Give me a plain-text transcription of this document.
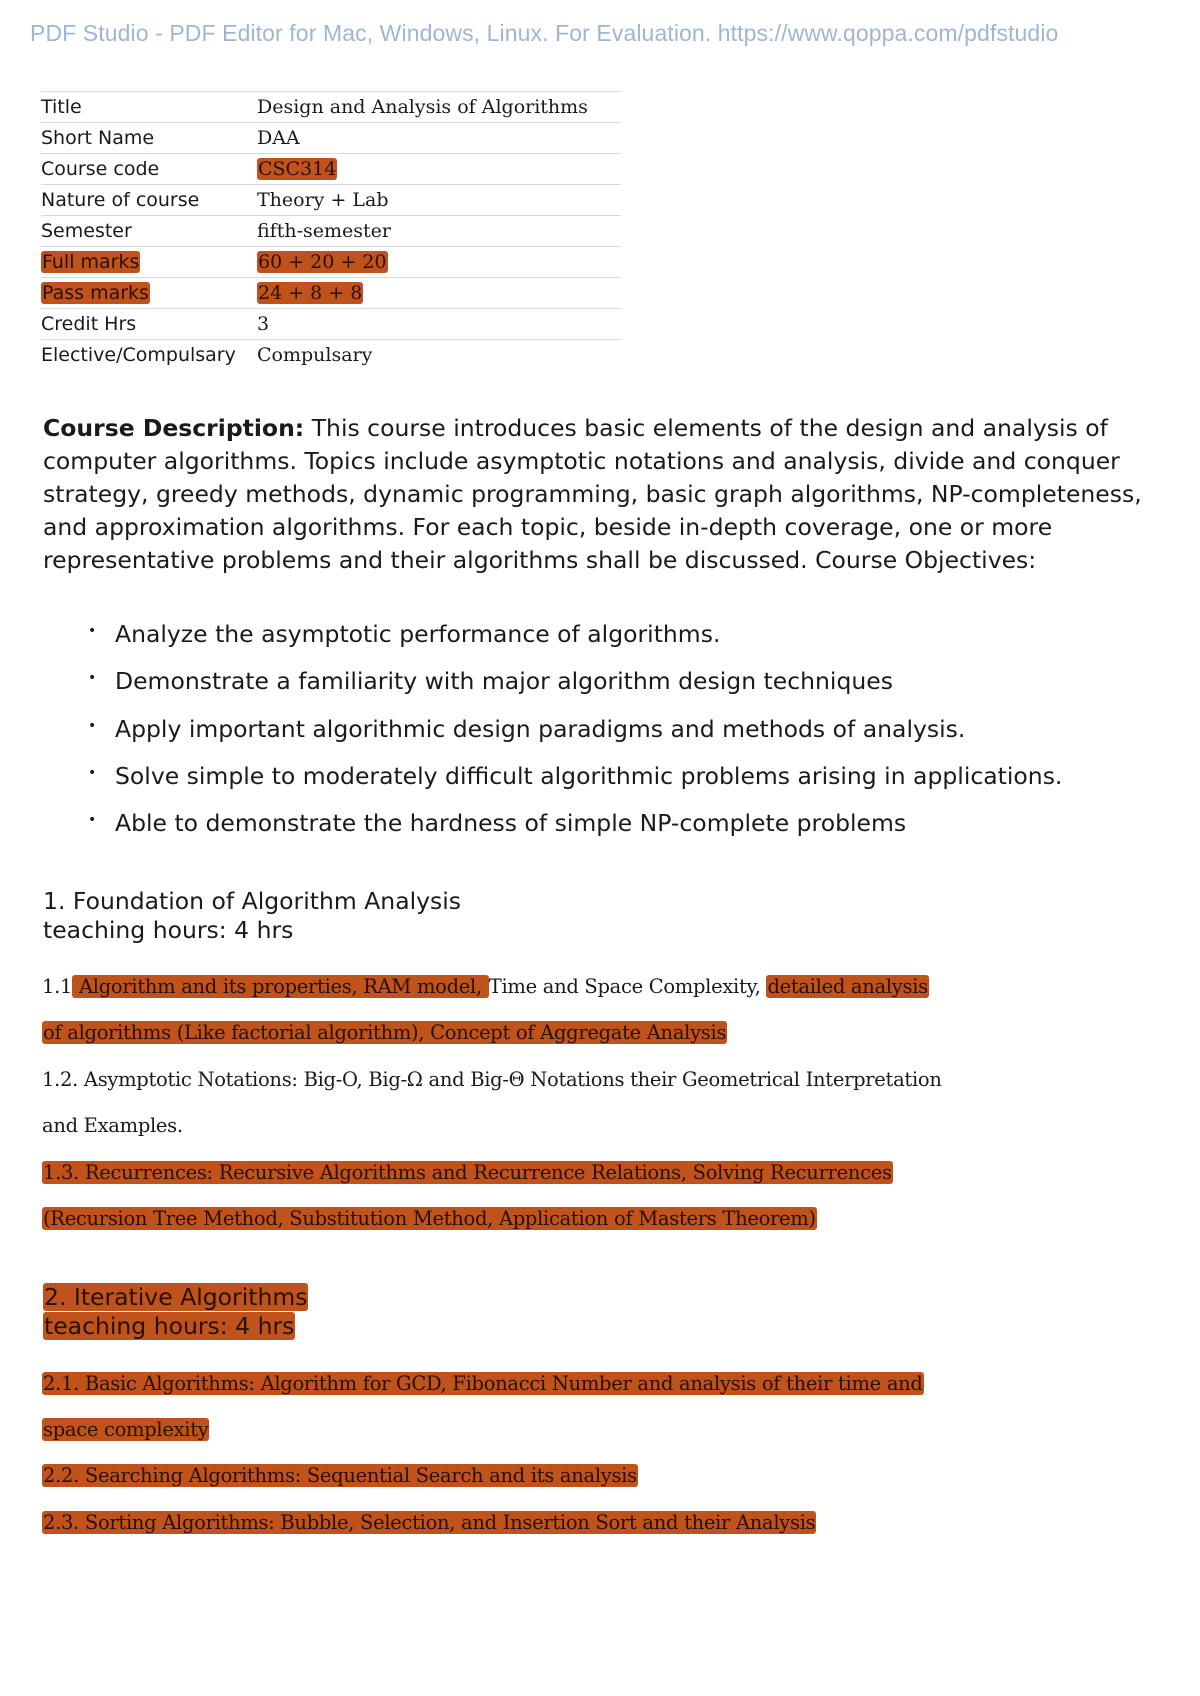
PDF Studio - PDF Editor for Mac, Windows, Linux. For Evaluation. https://www.qoppa.com/pdfstudio
Title	Design and Analysis of Algorithms
Short Name	DAA
Course code	CSC314
Nature of course	Theory + Lab
Semester	fifth-semester
Full marks	60 + 20 + 20
Pass marks	24 + 8 + 8
Credit Hrs	3
Elective/Compulsary	Compulsary
Course Description: This course introduces basic elements of the design and analysis of computer algorithms. Topics include asymptotic notations and analysis, divide and conquer strategy, greedy methods, dynamic programming, basic graph algorithms, NP-completeness, and approximation algorithms. For each topic, beside in-depth coverage, one or more representative problems and their algorithms shall be discussed. Course Objectives:
• Analyze the asymptotic performance of algorithms.
• Demonstrate a familiarity with major algorithm design techniques
• Apply important algorithmic design paradigms and methods of analysis.
• Solve simple to moderately difficult algorithmic problems arising in applications.
• Able to demonstrate the hardness of simple NP-complete problems
1. Foundation of Algorithm Analysis
teaching hours: 4 hrs
1.1 Algorithm and its properties, RAM model, Time and Space Complexity, detailed analysis
of algorithms (Like factorial algorithm), Concept of Aggregate Analysis
1.2. Asymptotic Notations: Big-O, Big-Ω and Big-Θ Notations their Geometrical Interpretation
and Examples.
1.3. Recurrences: Recursive Algorithms and Recurrence Relations, Solving Recurrences
(Recursion Tree Method, Substitution Method, Application of Masters Theorem)
2. Iterative Algorithms
teaching hours: 4 hrs
2.1. Basic Algorithms: Algorithm for GCD, Fibonacci Number and analysis of their time and
space complexity
2.2. Searching Algorithms: Sequential Search and its analysis
2.3. Sorting Algorithms: Bubble, Selection, and Insertion Sort and their Analysis
